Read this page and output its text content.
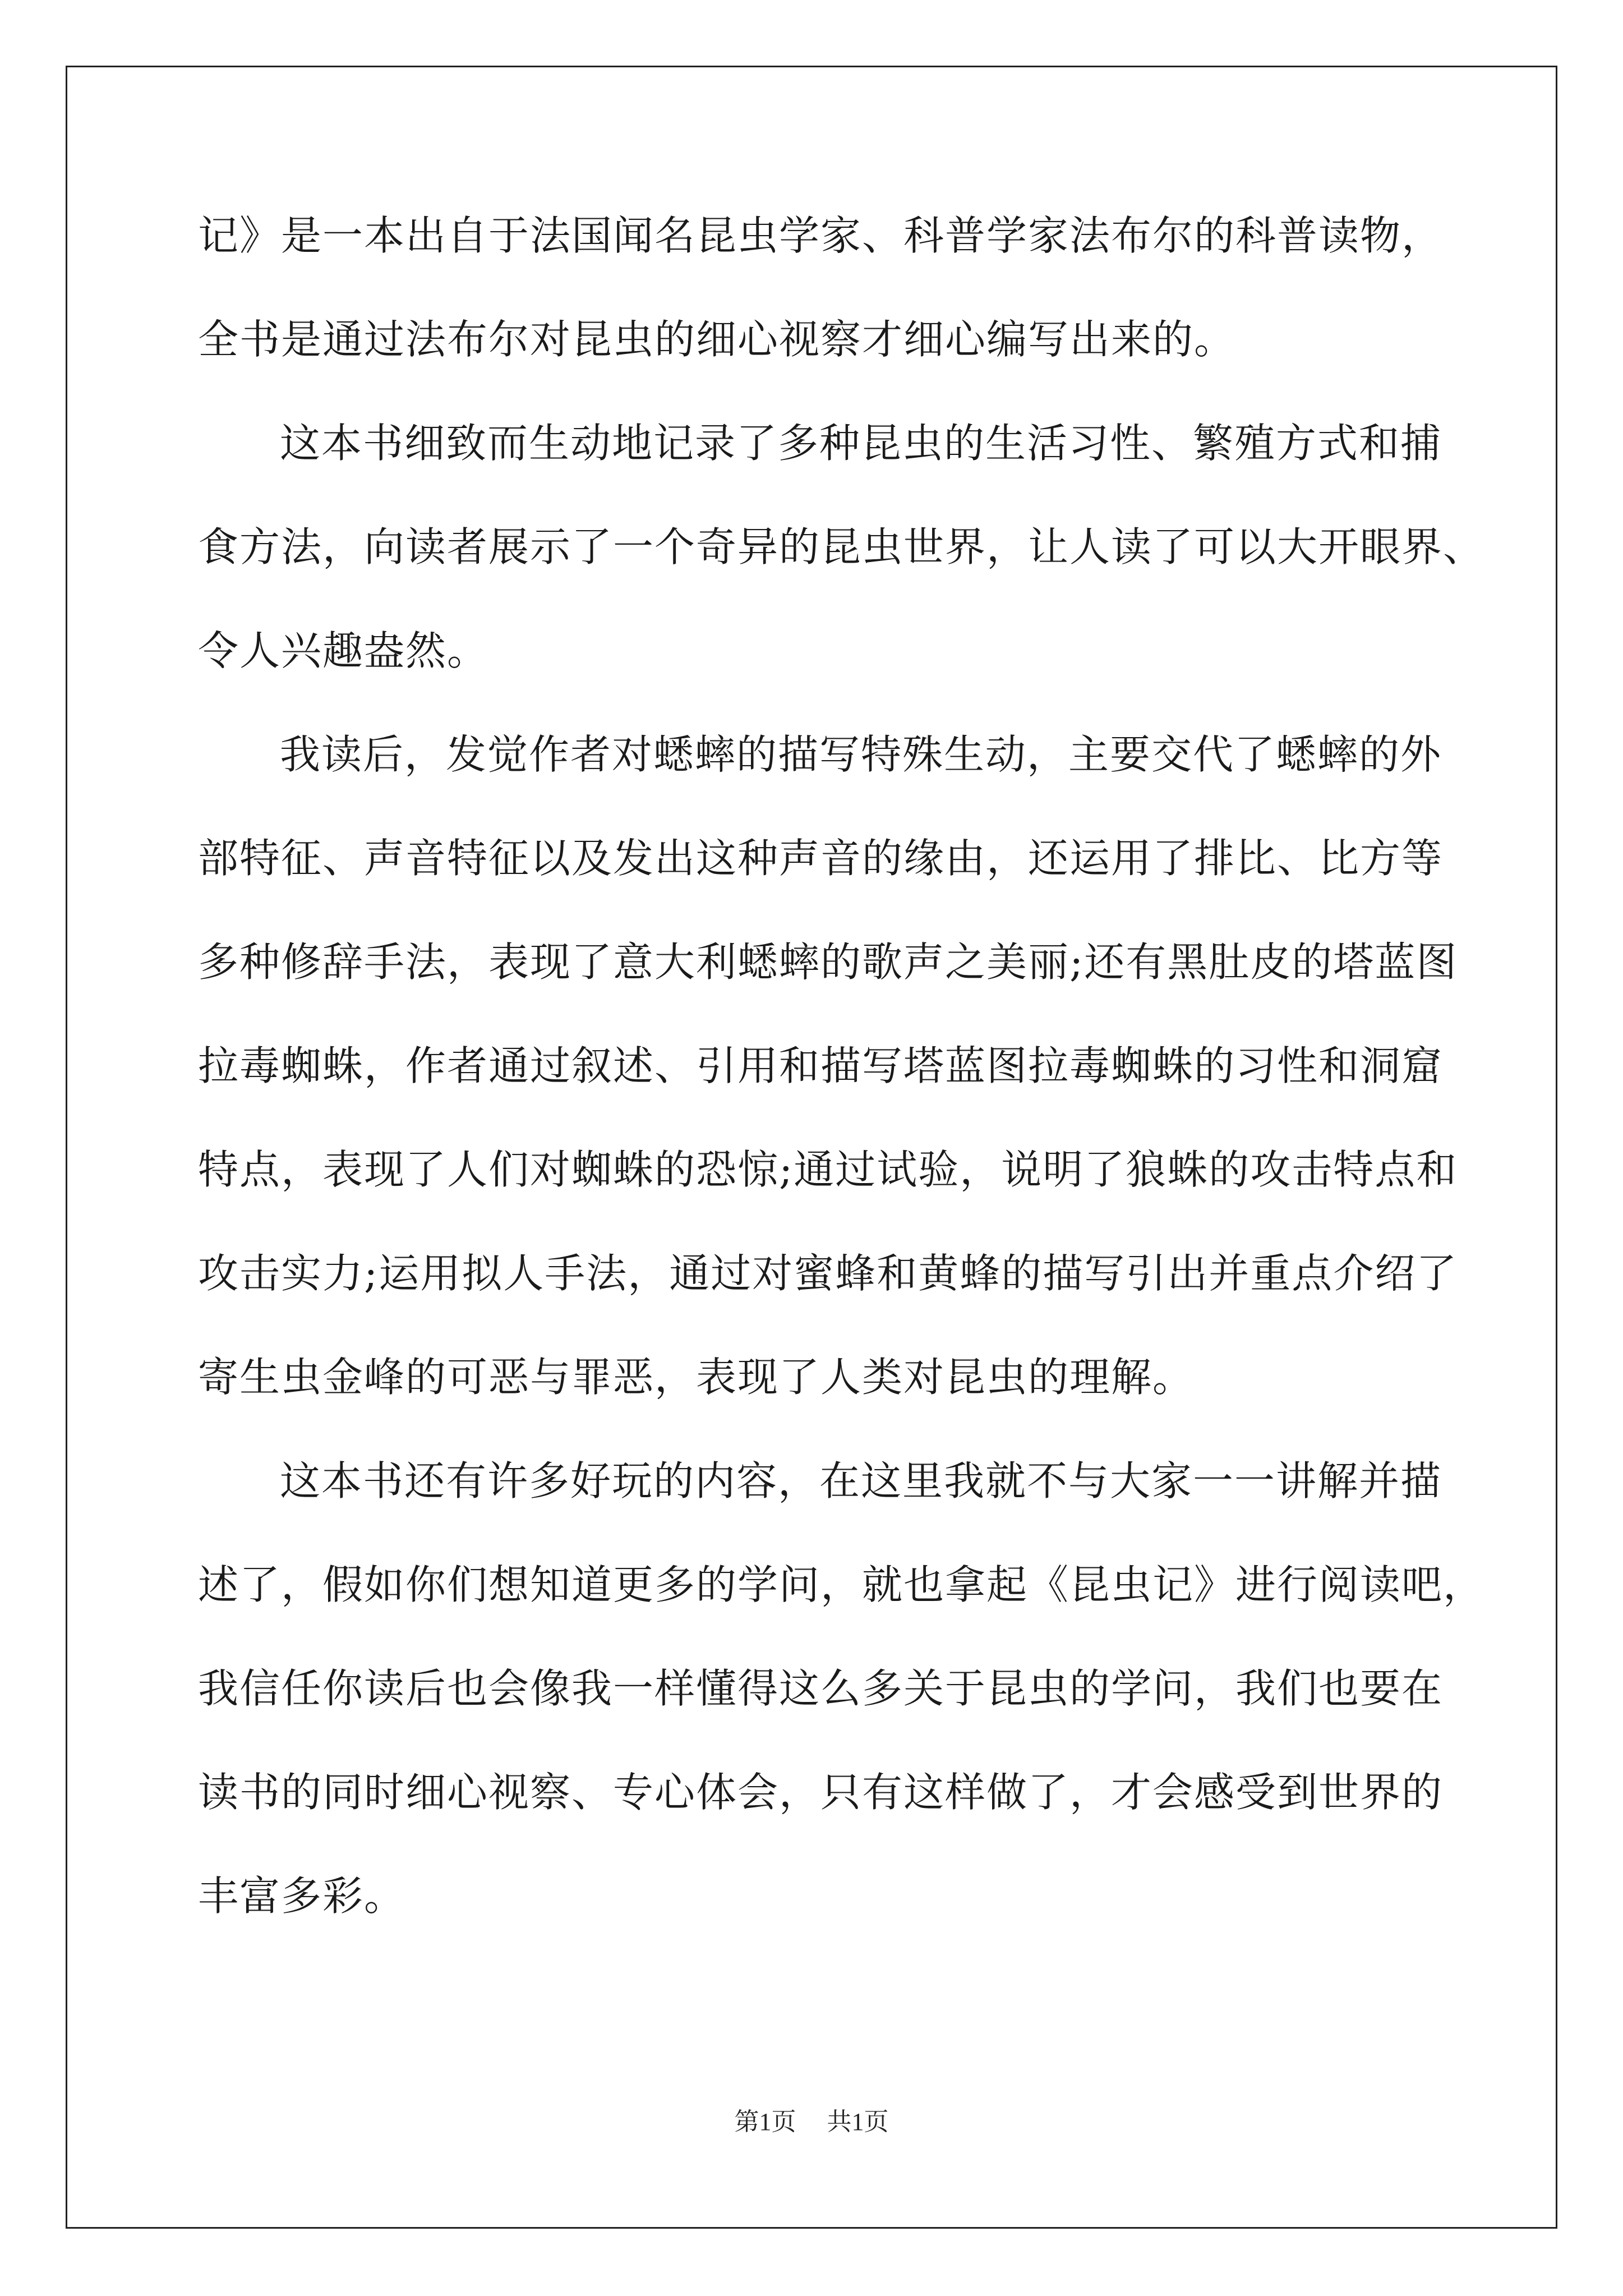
记》是一本出自于法国闻名昆虫学家、科普学家法布尔的科普读物，
全书是通过法布尔对昆虫的细心视察才细心编写出来的。
这本书细致而生动地记录了多种昆虫的生活习性、繁殖方式和捕
食方法，向读者展示了一个奇异的昆虫世界，让人读了可以大开眼界、
令人兴趣盎然。
我读后，发觉作者对蟋蟀的描写特殊生动，主要交代了蟋蟀的外
部特征、声音特征以及发出这种声音的缘由，还运用了排比、比方等
多种修辞手法，表现了意大利蟋蟀的歌声之美丽;还有黑肚皮的塔蓝图
拉毒蜘蛛，作者通过叙述、引用和描写塔蓝图拉毒蜘蛛的习性和洞窟
特点，表现了人们对蜘蛛的恐惊;通过试验，说明了狼蛛的攻击特点和
攻击实力;运用拟人手法，通过对蜜蜂和黄蜂的描写引出并重点介绍了
寄生虫金峰的可恶与罪恶，表现了人类对昆虫的理解。
这本书还有许多好玩的内容，在这里我就不与大家一一讲解并描
述了，假如你们想知道更多的学问，就也拿起《昆虫记》进行阅读吧，
我信任你读后也会像我一样懂得这么多关于昆虫的学问，我们也要在
读书的同时细心视察、专心体会，只有这样做了，才会感受到世界的
丰富多彩。
第1页 共1页
